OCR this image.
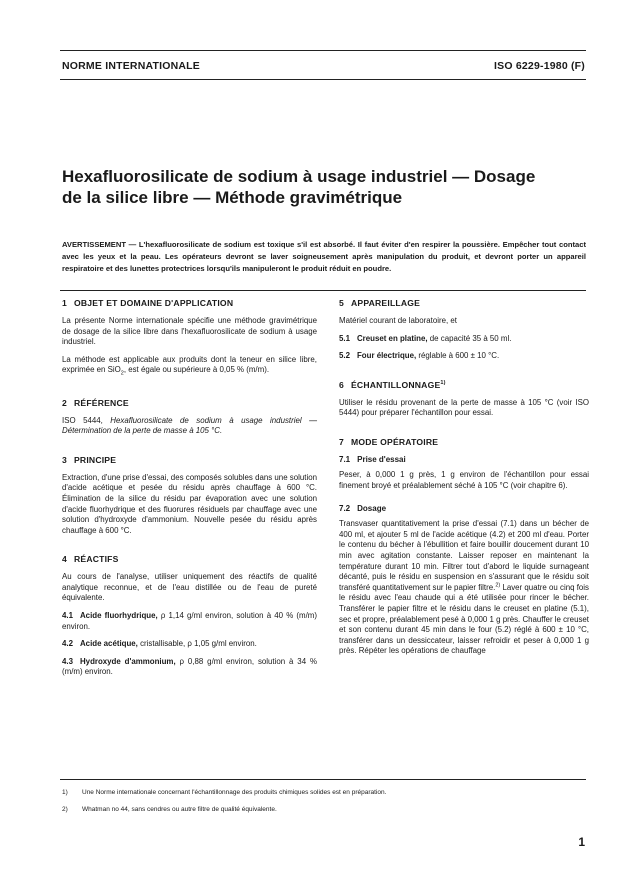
NORME INTERNATIONALE	ISO 6229-1980 (F)
Hexafluorosilicate de sodium à usage industriel — Dosage
de la silice libre — Méthode gravimétrique

AVERTISSEMENT — L'hexafluorosilicate de sodium est toxique s'il est absorbé. Il faut éviter d'en respirer la poussière. Empêcher tout contact avec les yeux et la peau. Les opérateurs devront se laver soigneusement après manipulation du produit, et devront porter un appareil respiratoire et des lunettes protectrices lorsqu'ils manipuleront le produit réduit en poudre.

1 OBJET ET DOMAINE D'APPLICATION

La présente Norme internationale spécifie une méthode gravimétrique de dosage de la silice libre dans l'hexafluorosilicate de sodium à usage industriel.

La méthode est applicable aux produits dont la teneur en silice libre, exprimée en SiO$_2$, est égale ou supérieure à 0,05 % (m/m).

2 RÉFÉRENCE

ISO 5444, Hexafluorosilicate de sodium à usage industriel — Détermination de la perte de masse à 105 °C.

3 PRINCIPE

Extraction, d'une prise d'essai, des composés solubles dans une solution d'acide acétique et pesée du résidu après chauffage à 600 °C. Élimination de la silice du résidu par évaporation avec une solution d'acide fluorhydrique et des fluorures résiduels par chauffage avec une solution d'hydroxyde d'ammonium. Nouvelle pesée du résidu après chauffage à 600 °C.

4 RÉACTIFS

Au cours de l'analyse, utiliser uniquement des réactifs de qualité analytique reconnue, et de l'eau distillée ou de l'eau de pureté équivalente.

4.1 Acide fluorhydrique, ρ 1,14 g/ml environ, solution à 40 % (m/m) environ.

4.2 Acide acétique, cristallisable, ρ 1,05 g/ml environ.

4.3 Hydroxyde d'ammonium, ρ 0,88 g/ml environ, solution à 34 % (m/m) environ.

5 APPAREILLAGE

Matériel courant de laboratoire, et

5.1 Creuset en platine, de capacité 35 à 50 ml.

5.2 Four électrique, réglable à 600 ± 10 °C.

6 ÉCHANTILLONNAGE$^{1)}$

Utiliser le résidu provenant de la perte de masse à 105 °C (voir ISO 5444) pour préparer l'échantillon pour essai.

7 MODE OPÉRATOIRE
7.1 Prise d'essai

Peser, à 0,000 1 g près, 1 g environ de l'échantillon pour essai finement broyé et préalablement séché à 105 °C (voir chapitre 6).

7.2 Dosage

Transvaser quantitativement la prise d'essai (7.1) dans un bécher de 400 ml, et ajouter 5 ml de l'acide acétique (4.2) et 200 ml d'eau. Porter le contenu du bécher à l'ébullition et faire bouillir doucement durant 10 min avec agitation constante. Laisser reposer en maintenant la température durant 10 min. Filtrer tout d'abord le liquide surnageant décanté, puis le résidu en suspension en s'assurant que le résidu soit transféré quantitativement sur le papier filtre.$^{2)}$ Laver quatre ou cinq fois le résidu avec l'eau chaude qui a été utilisée pour rincer le bécher. Transférer le papier filtre et le résidu dans le creuset en platine (5.1), sec et propre, préalablement pesé à 0,000 1 g près. Chauffer le creuset et son contenu durant 45 min dans le four (5.2) réglé à 600 ± 10 °C, transférer dans un dessiccateur, laisser refroidir et peser à 0,000 1 g près. Répéter les opérations de chauffage

1) Une Norme internationale concernant l'échantillonnage des produits chimiques solides est en préparation.

2) Whatman no 44, sans cendres ou autre filtre de qualité équivalente.

1
